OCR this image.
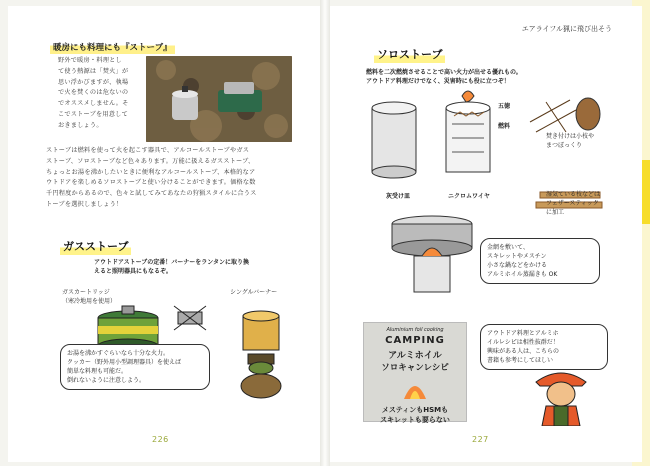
暖房にも料理にも『ストーブ』
野外で暖房・料理とし
て使う熱源は「焚火」が
思い浮かびますが、執場
で火を焚くのは危ないの
でオススメしません。そ
こでストーブを用意して
おきましょう。
ストーブは燃料を使って火を起こす器具で、アルコールストーブやガス
ストーブ、ソロストーブなど色々あります。万能に扱えるガスストーブ、
ちょっとお湯を沸かしたいときに便利なアルコールストーブ、本格的なア
ウトドアを楽しめるソロストーブと使い分けることができます。価格な数
千円程度からあるので、色々と試してみてあなたの狩猟スタイルに合うス
トーブを選択しましょう！
ガスストーブ
アウトドアストーブの定番！バーナーをランタンに取り換
えると照明器具にもなるぞ。
ガスカートリッジ
（寒冷地用を使用）
シングルバーナー
お湯を沸かすぐらいなら十分な火力。
クッカー（野外用小型調理器具）を使えば
簡単な料理も可能だ。
倒れないように注意しよう。
226
エアライフル猟に飛び出そう
ソロストーブ
燃料を二次燃焼させることで高い火力が出せる優れもの。
アウトドア料理だけでなく、災害時にも役に立つぞ！
五徳
燃料
灰受け皿	ニクロムワイヤ
焚き付けは小枝や
まつぼっくり
湿気ている枝などは
フェザースティック
に加工
金網を敷いて、
スキレットやメスチン
小さな鍋などをかける
アルミホイル蒸漏きも OK
Aluminium foil cooking
CAMPING
アルミホイル
ソロキャンレシピ
メスティンもHSMも
スキレットも要らない
アウトドア料理とアルミホ
イルレシピは相性抜群だ！
興味がある人は、こちらの
書籍も参考にしてほしい
227
